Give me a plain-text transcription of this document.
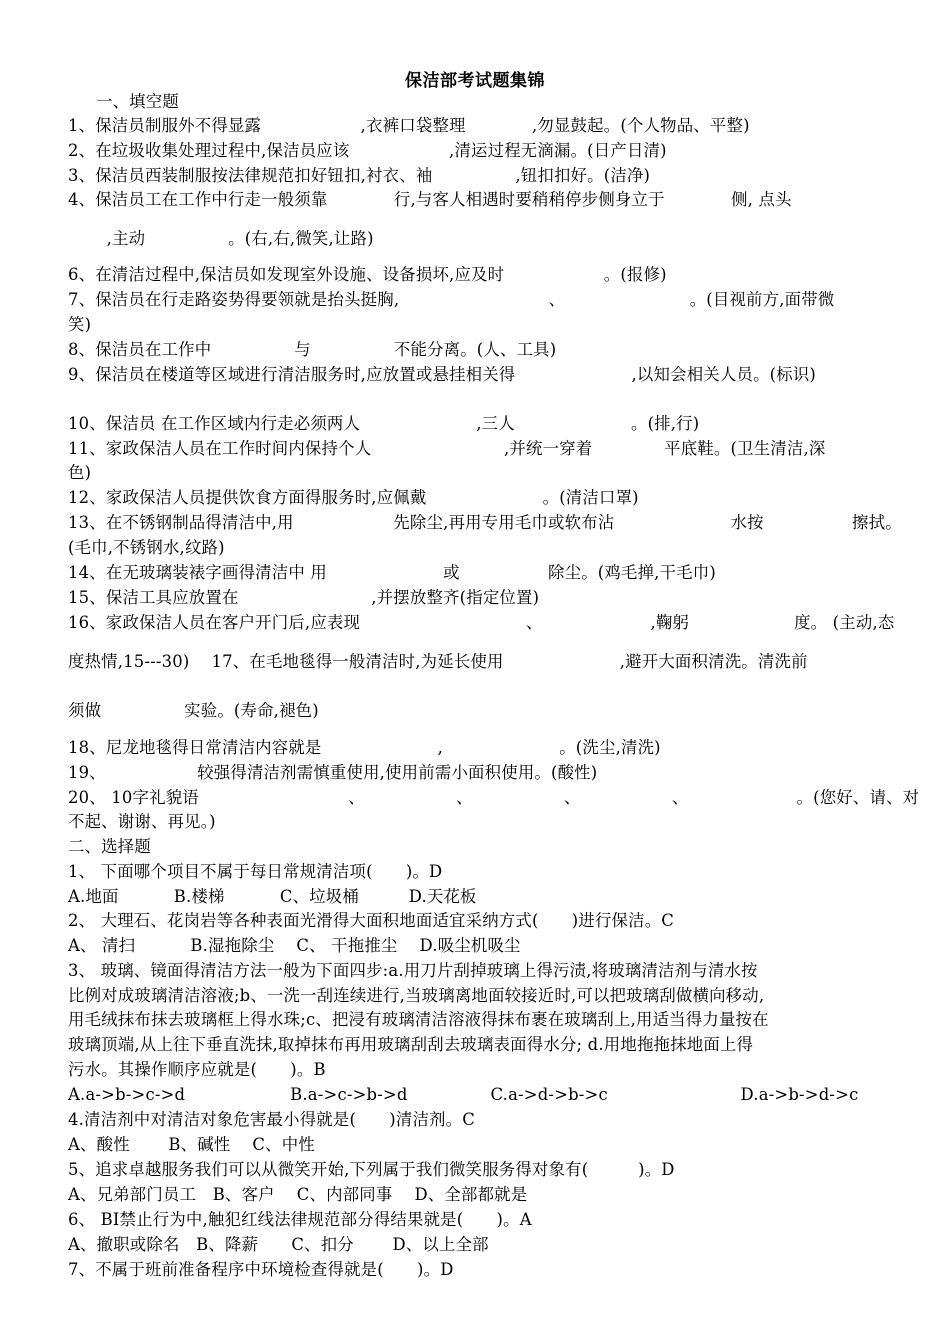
保洁部考试题集锦
一、填空题
1、保洁员制服外不得显露　　　　　　,衣裤口袋整理　　　　,勿显鼓起。(个人物品、平整)
2、在垃圾收集处理过程中,保洁员应该　　　　　　,清运过程无滴漏。(日产日清)
3、保洁员西装制服按法律规范扣好钮扣,衬衣、袖　　　　　,钮扣扣好。(洁净)
4、保洁员工在工作中行走一般须靠　　　　行,与客人相遇时要稍稍停步侧身立于　　　　侧, 点头
　　 ,主动　　　　　。(右,右,微笑,让路)
6、在清洁过程中,保洁员如发现室外设施、设备损坏,应及时　　　　　　。(报修)
7、保洁员在行走路姿势得要领就是抬头挺胸,　　　　　　　　　、　　　　　　　　。(目视前方,面带微
笑)
8、保洁员在工作中　　　　　与　　　　　不能分离。(人、工具)
9、保洁员在楼道等区域进行清洁服务时,应放置或悬挂相关得　　　　　　　,以知会相关人员。(标识)
10、保洁员 在工作区域内行走必须两人　　　　　　　,三人　　　　　　　。(排,行)
11、家政保洁人员在工作时间内保持个人　　　　　　　　,并统一穿着　　　　 平底鞋。(卫生清洁,深
色)
12、家政保洁人员提供饮食方面得服务时,应佩戴　　　　　　　。(清洁口罩)
13、在不锈钢制品得清洁中,用　　　　　　先除尘,再用专用毛巾或软布沾　　　　　　　水按　　　　　 擦拭。
(毛巾,不锈钢水,纹路)
14、在无玻璃装裱字画得清洁中 用　　　　　　　或　　　　　 除尘。(鸡毛掸,干毛巾)
15、保洁工具应放置在　　　　　　　　,并摆放整齐(指定位置)
16、家政保洁人员在客户开门后,应表现　　　　　　　　　　、　　　　　　　,鞠躬　　　　　　 度。 (主动,态
度热情,15---30)　 17、在毛地毯得一般清洁时,为延长使用　　　　　　　,避开大面积清洗。清洗前
须做　　　　　实验。(寿命,褪色)
18、尼龙地毯得日常清洁内容就是　　　　　　　,　　　　　　　。(洗尘,清洗)
19、　　　　　　较强得清洁剂需慎重使用,使用前需小面积使用。(酸性)
20、 10字礼貌语　　　　　　　　　、　　　　　　、　　　　　　、　　　　　　、　　　　　　　。(您好、请、对
不起、谢谢、再见。)
二、选择题
1、 下面哪个项目不属于每日常规清洁项(　　)。D
A.地面　　　 B.楼梯　　　 C、垃圾桶　　　D.天花板
2、 大理石、花岗岩等各种表面光滑得大面积地面适宜采纳方式(　　)进行保洁。C
A、 清扫　　　 B.湿拖除尘　 C、 干拖推尘　 D.吸尘机吸尘
3、 玻璃、镜面得清洁方法一般为下面四步:a.用刀片刮掉玻璃上得污渍,将玻璃清洁剂与清水按
比例对成玻璃清洁溶液;b、一洗一刮连续进行,当玻璃离地面较接近时,可以把玻璃刮做横向移动,
用毛绒抹布抹去玻璃框上得水珠;c、把浸有玻璃清洁溶液得抹布裹在玻璃刮上,用适当得力量按在
玻璃顶端,从上往下垂直洗抹,取掉抹布再用玻璃刮刮去玻璃表面得水分; d.用地拖拖抹地面上得
污水。其操作顺序应就是(　　)。B
A.a->b->c->d　　　　　　 B.a->c->b->d　　　　　C.a->d->b->c　　　　　　　　D.a->b->d->c
4.清洁剂中对清洁对象危害最小得就是(　　)清洁剂。C
A、酸性　　 B、碱性　 C、中性
5、追求卓越服务我们可以从微笑开始,下列属于我们微笑服务得对象有(　　　)。D
A、兄弟部门员工　B、客户　 C、内部同事　 D、全部都就是
6、 BI禁止行为中,触犯红线法律规范部分得结果就是(　　)。A
A、撤职或除名　B、降薪　　C、扣分　　 D、以上全部
7、不属于班前准备程序中环境检查得就是(　　)。D
